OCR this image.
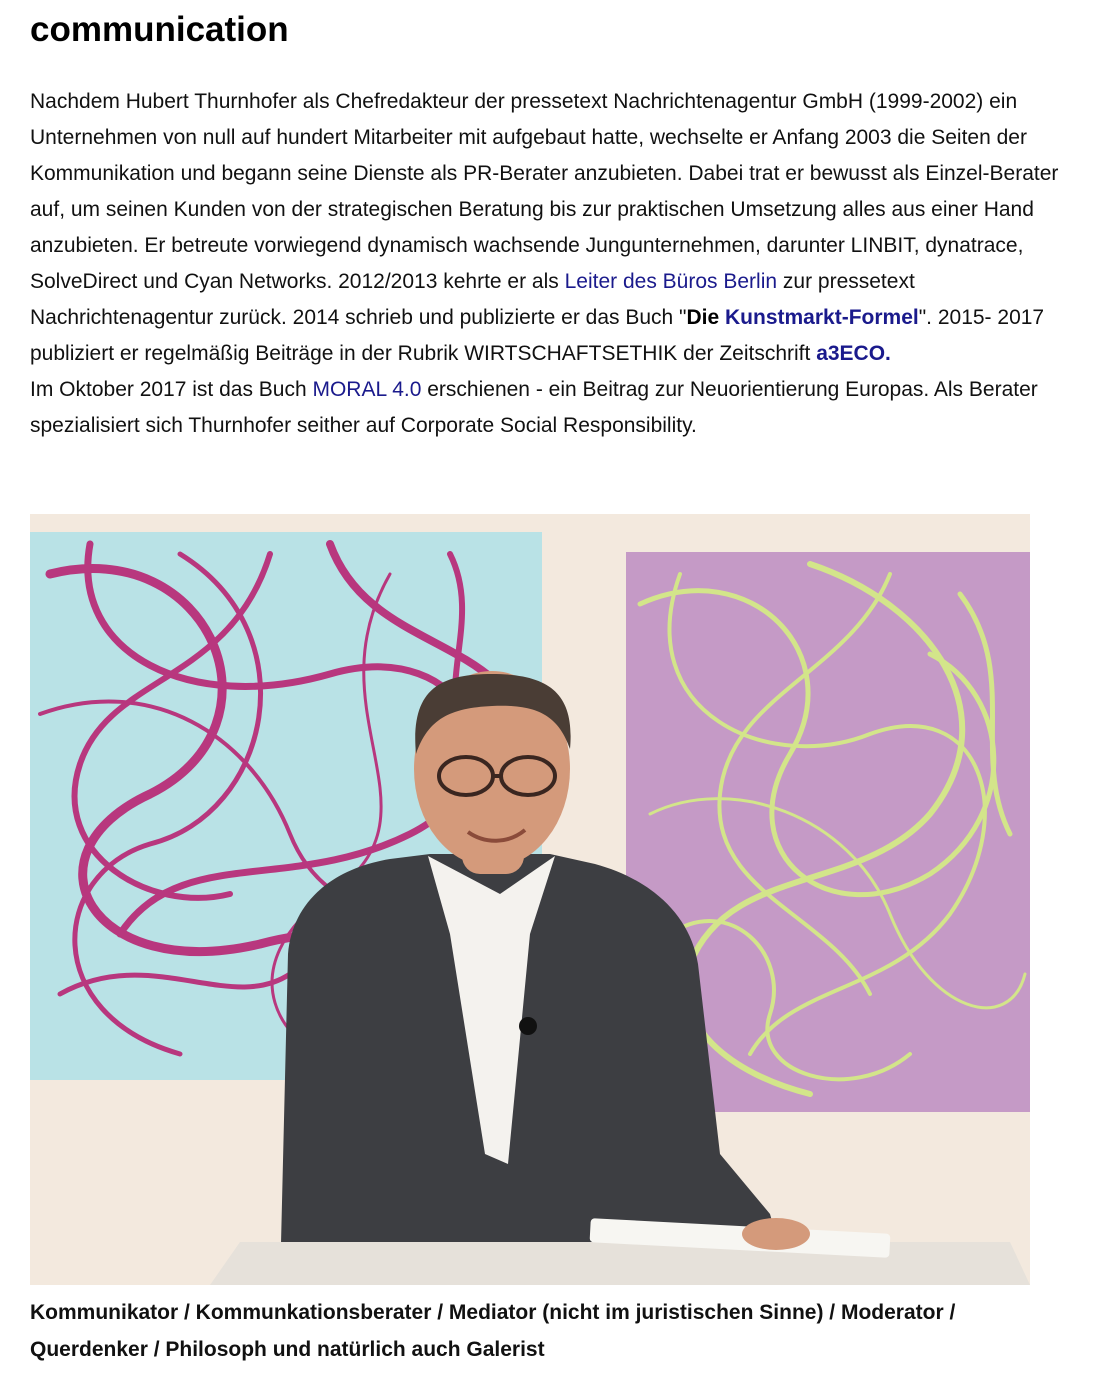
communication

Nachdem Hubert Thurnhofer als Chefredakteur der pressetext Nachrichtenagentur GmbH (1999-2002) ein Unternehmen von null auf hundert Mitarbeiter mit aufgebaut hatte, wechselte er Anfang 2003 die Seiten der Kommunikation und begann seine Dienste als PR-Berater anzubieten. Dabei trat er bewusst als Einzel-Berater auf, um seinen Kunden von der strategischen Beratung bis zur praktischen Umsetzung alles aus einer Hand anzubieten. Er betreute vorwiegend dynamisch wachsende Jungunternehmen, darunter LINBIT, dynatrace, SolveDirect und Cyan Networks. 2012/2013 kehrte er als Leiter des Büros Berlin zur pressetext Nachrichtenagentur zurück. 2014 schrieb und publizierte er das Buch "Die Kunstmarkt-Formel". 2015- 2017 publiziert er regelmäßig Beiträge in der Rubrik WIRTSCHAFTSETHIK der Zeitschrift a3ECO.
Im Oktober 2017 ist das Buch MORAL 4.0 erschienen - ein Beitrag zur Neuorientierung Europas. Als Berater spezialisiert sich Thurnhofer seither auf Corporate Social Responsibility.

Kommunikator / Kommunkationsberater / Mediator (nicht im juristischen Sinne) / Moderator / Querdenker / Philosoph und natürlich auch Galerist
